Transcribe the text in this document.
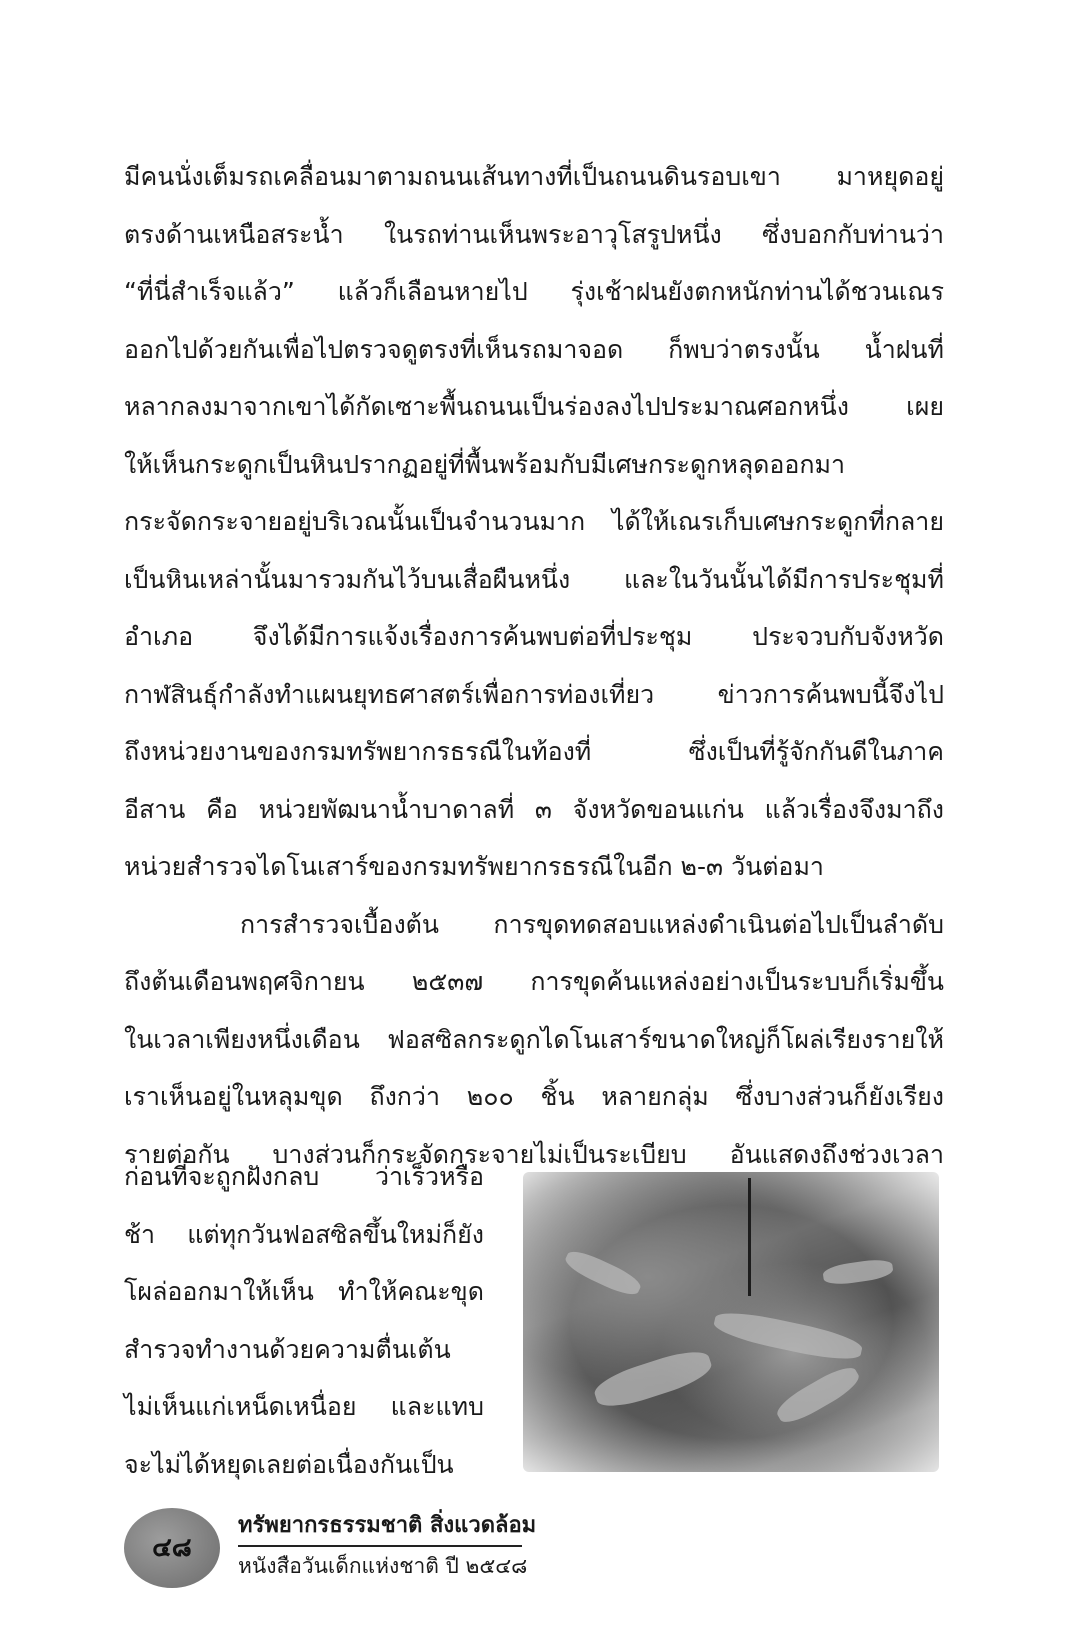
มีคนนั่งเต็มรถเคลื่อนมาตามถนนเส้นทางที่เป็นถนนดินรอบเขา มาหยุดอยู่
ตรงด้านเหนือสระน้ำ ในรถท่านเห็นพระอาวุโสรูปหนึ่ง ซึ่งบอกกับท่านว่า
“ที่นี่สำเร็จแล้ว” แล้วก็เลือนหายไป รุ่งเช้าฝนยังตกหนักท่านได้ชวนเณร
ออกไปด้วยกันเพื่อไปตรวจดูตรงที่เห็นรถมาจอด ก็พบว่าตรงนั้น น้ำฝนที่
หลากลงมาจากเขาได้กัดเซาะพื้นถนนเป็นร่องลงไปประมาณศอกหนึ่ง เผย
ให้เห็นกระดูกเป็นหินปรากฏอยู่ที่พื้นพร้อมกับมีเศษกระดูกหลุดออกมา
กระจัดกระจายอยู่บริเวณนั้นเป็นจำนวนมาก ได้ให้เณรเก็บเศษกระดูกที่กลาย
เป็นหินเหล่านั้นมารวมกันไว้บนเสื่อผืนหนึ่ง และในวันนั้นได้มีการประชุมที่
อำเภอ จึงได้มีการแจ้งเรื่องการค้นพบต่อที่ประชุม ประจวบกับจังหวัด
กาฬสินธุ์กำลังทำแผนยุทธศาสตร์เพื่อการท่องเที่ยว ข่าวการค้นพบนี้จึงไป
ถึงหน่วยงานของกรมทรัพยากรธรณีในท้องที่ ซึ่งเป็นที่รู้จักกันดีในภาค
อีสาน คือ หน่วยพัฒนาน้ำบาดาลที่ ๓ จังหวัดขอนแก่น แล้วเรื่องจึงมาถึง
หน่วยสำรวจไดโนเสาร์ของกรมทรัพยากรธรณีในอีก ๒-๓ วันต่อมา
การสำรวจเบื้องต้น การขุดทดสอบแหล่งดำเนินต่อไปเป็นลำดับ
ถึงต้นเดือนพฤศจิกายน ๒๕๓๗ การขุดค้นแหล่งอย่างเป็นระบบก็เริ่มขึ้น
ในเวลาเพียงหนึ่งเดือน ฟอสซิลกระดูกไดโนเสาร์ขนาดใหญ่ก็โผล่เรียงรายให้
เราเห็นอยู่ในหลุมขุด ถึงกว่า ๒๐๐ ชิ้น หลายกลุ่ม ซึ่งบางส่วนก็ยังเรียง
รายต่อกัน บางส่วนก็กระจัดกระจายไม่เป็นระเบียบ อันแสดงถึงช่วงเวลา
ก่อนที่จะถูกฝังกลบ ว่าเร็วหรือ
ช้า แต่ทุกวันฟอสซิลขึ้นใหม่ก็ยัง
โผล่ออกมาให้เห็น ทำให้คณะขุด
สำรวจทำงานด้วยความตื่นเต้น
ไม่เห็นแก่เหน็ดเหนื่อย และแทบ
จะไม่ได้หยุดเลยต่อเนื่องกันเป็น
๔๘
ทรัพยากรธรรมชาติ สิ่งแวดล้อม
หนังสือวันเด็กแห่งชาติ ปี ๒๕๔๘
